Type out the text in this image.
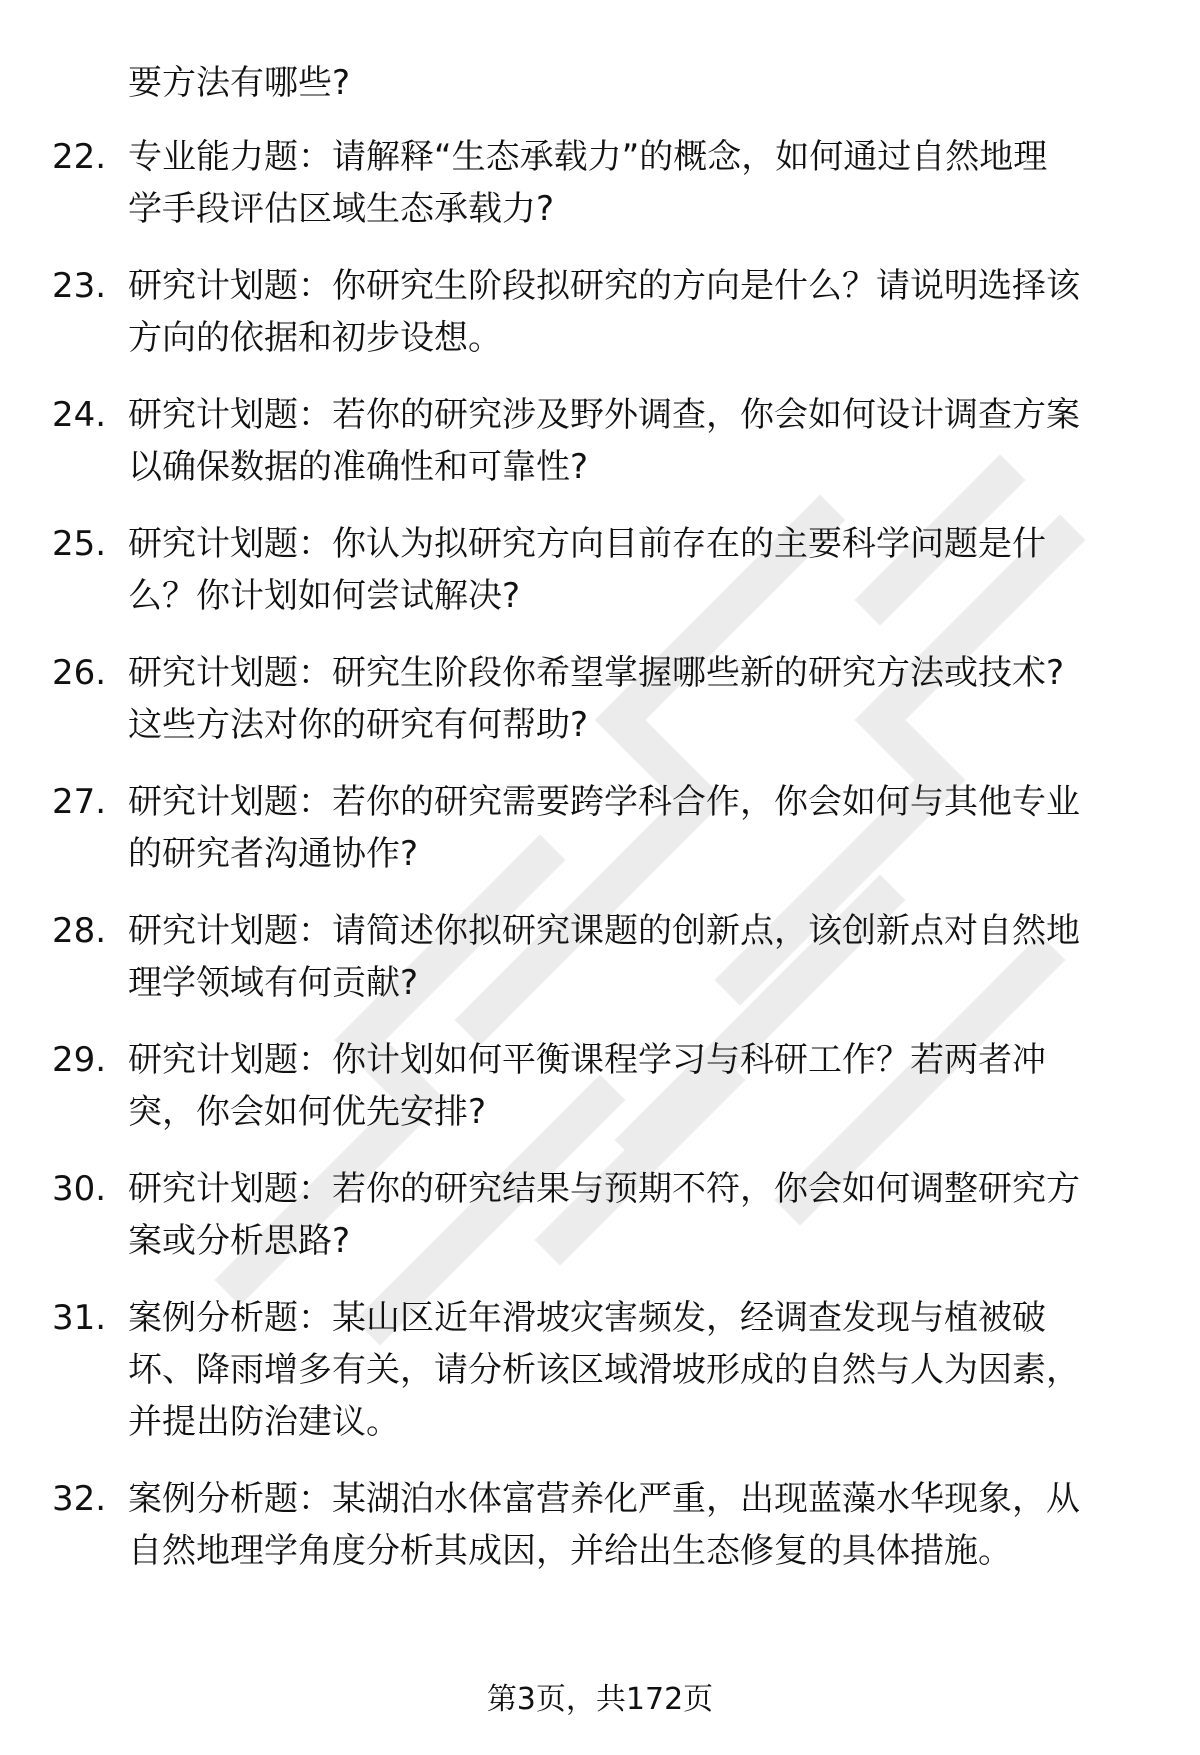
要方法有哪些?
22. 专业能力题：请解释“生态承载力”的概念，如何通过自然地理
学手段评估区域生态承载力?
23. 研究计划题：你研究生阶段拟研究的方向是什么？请说明选择该
方向的依据和初步设想。
24. 研究计划题：若你的研究涉及野外调查，你会如何设计调查方案
以确保数据的准确性和可靠性?
25. 研究计划题：你认为拟研究方向目前存在的主要科学问题是什
么？你计划如何尝试解决?
26. 研究计划题：研究生阶段你希望掌握哪些新的研究方法或技术?
这些方法对你的研究有何帮助?
27. 研究计划题：若你的研究需要跨学科合作，你会如何与其他专业
的研究者沟通协作?
28. 研究计划题：请简述你拟研究课题的创新点，该创新点对自然地
理学领域有何贡献?
29. 研究计划题：你计划如何平衡课程学习与科研工作？若两者冲
突，你会如何优先安排?
30. 研究计划题：若你的研究结果与预期不符，你会如何调整研究方
案或分析思路?
31. 案例分析题：某山区近年滑坡灾害频发，经调查发现与植被破
坏、降雨增多有关，请分析该区域滑坡形成的自然与人为因素，
并提出防治建议。
32. 案例分析题：某湖泊水体富营养化严重，出现蓝藻水华现象，从
自然地理学角度分析其成因，并给出生态修复的具体措施。
第3页，共172页
